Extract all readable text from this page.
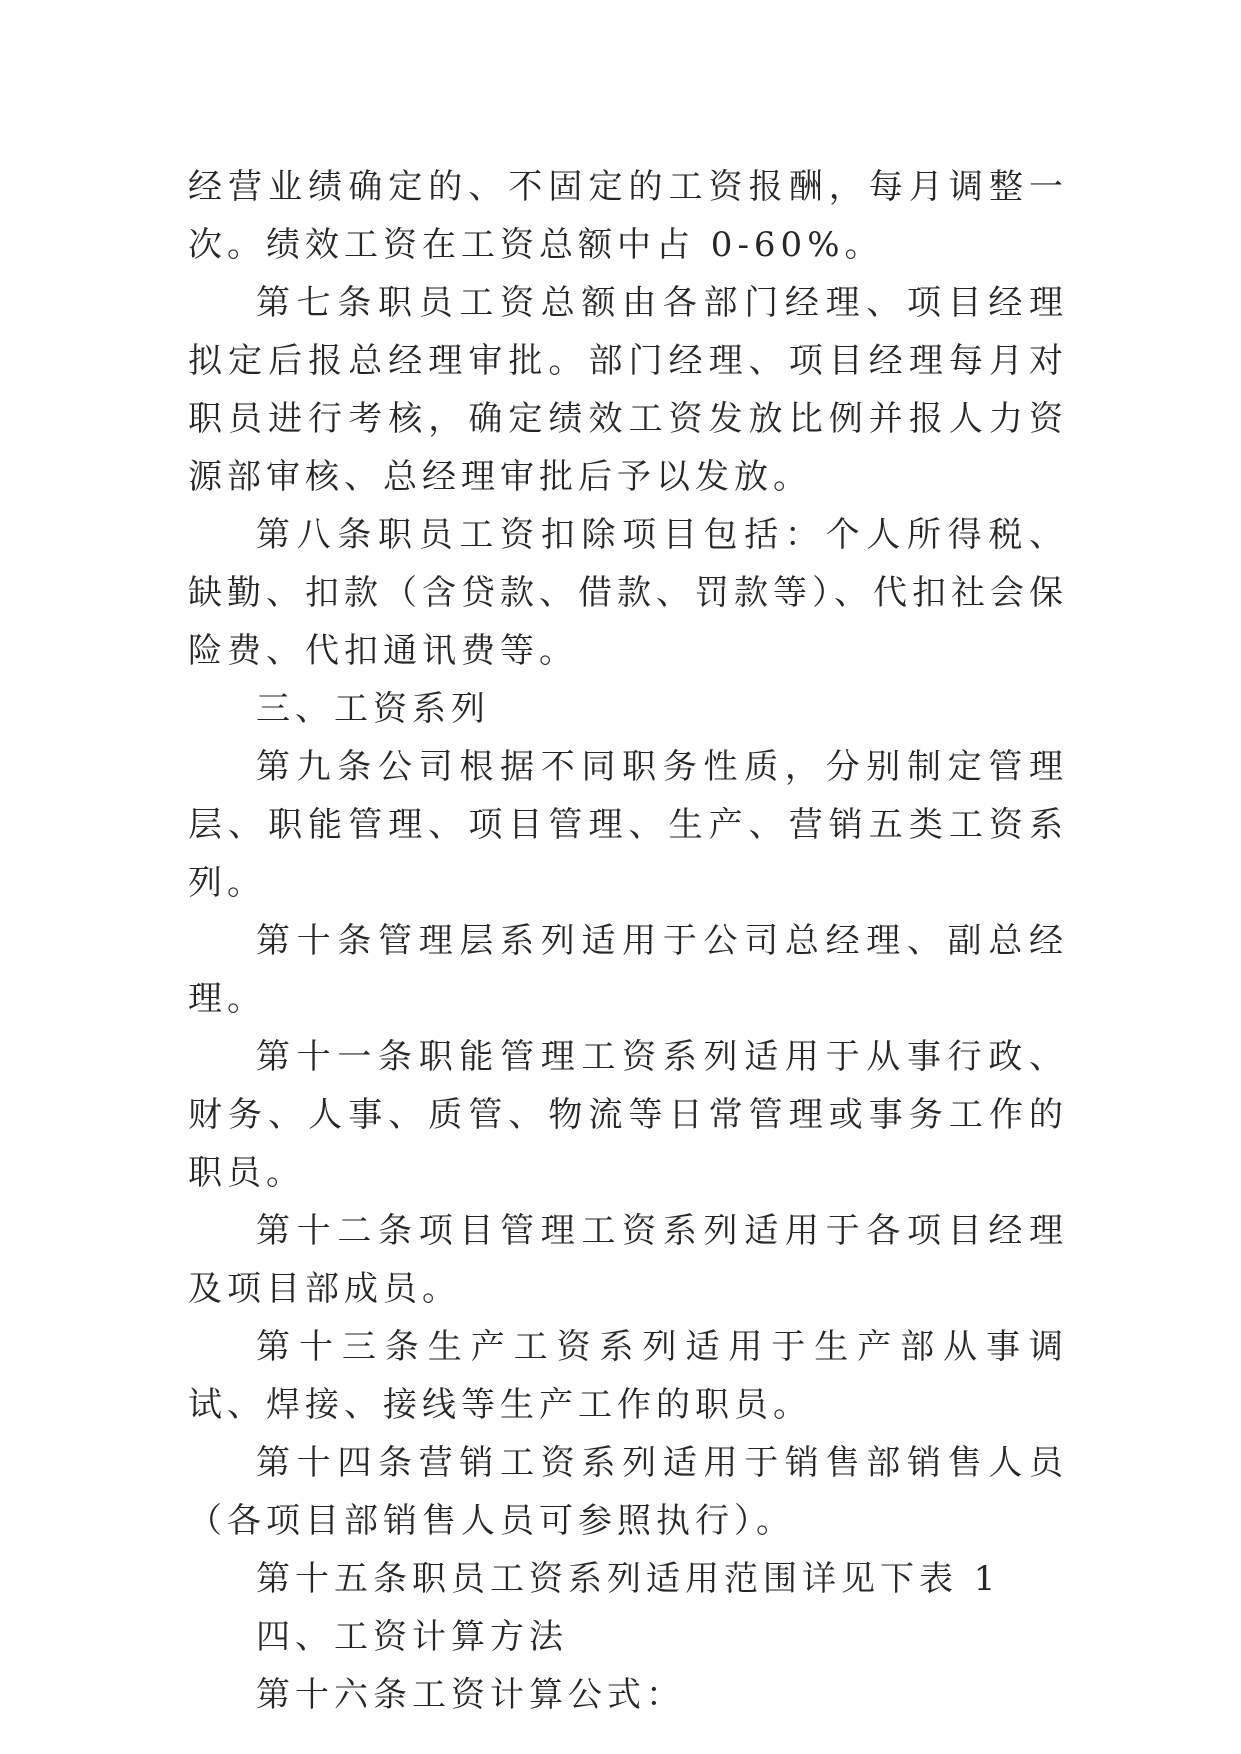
经营业绩确定的、不固定的工资报酬，每月调整一次。绩效工资在工资总额中占 0-60%。

第七条职员工资总额由各部门经理、项目经理拟定后报总经理审批。部门经理、项目经理每月对职员进行考核，确定绩效工资发放比例并报人力资源部审核、总经理审批后予以发放。

第八条职员工资扣除项目包括：个人所得税、缺勤、扣款（含贷款、借款、罚款等）、代扣社会保险费、代扣通讯费等。

三、工资系列

第九条公司根据不同职务性质，分别制定管理层、职能管理、项目管理、生产、营销五类工资系列。

第十条管理层系列适用于公司总经理、副总经理。

第十一条职能管理工资系列适用于从事行政、财务、人事、质管、物流等日常管理或事务工作的职员。

第十二条项目管理工资系列适用于各项目经理及项目部成员。

第十三条生产工资系列适用于生产部从事调试、焊接、接线等生产工作的职员。

第十四条营销工资系列适用于销售部销售人员（各项目部销售人员可参照执行）。

第十五条职员工资系列适用范围详见下表 1

四、工资计算方法

第十六条工资计算公式：
